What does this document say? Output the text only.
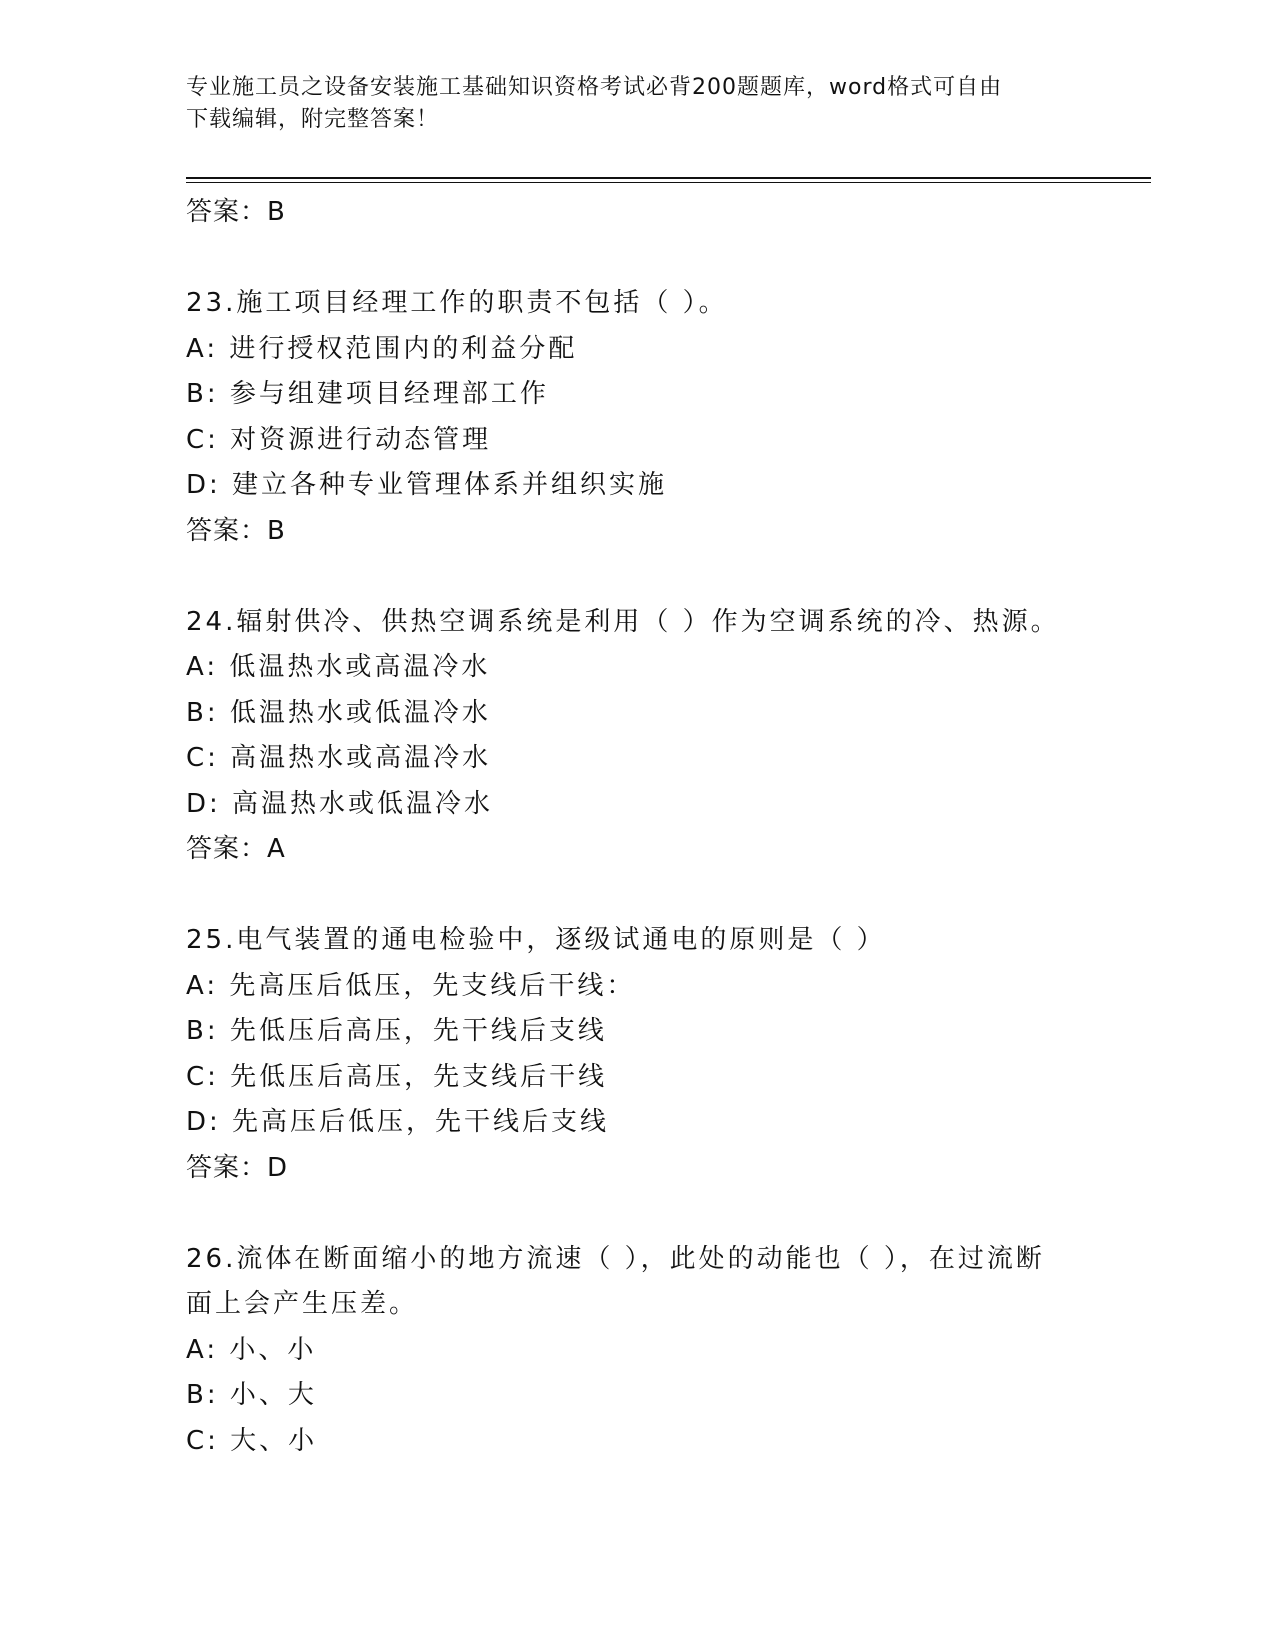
专业施工员之设备安装施工基础知识资格考试必背200题题库，word格式可自由
下载编辑，附完整答案！

答案：B

23.施工项目经理工作的职责不包括（ ）。

A: 进行授权范围内的利益分配

B: 参与组建项目经理部工作

C: 对资源进行动态管理

D: 建立各种专业管理体系并组织实施

答案：B

24.辐射供冷、供热空调系统是利用（ ）作为空调系统的冷、热源。

A: 低温热水或高温冷水

B: 低温热水或低温冷水

C: 高温热水或高温冷水

D: 高温热水或低温冷水

答案：A

25.电气装置的通电检验中，逐级试通电的原则是（ ）

A: 先高压后低压，先支线后干线：

B: 先低压后高压，先干线后支线

C: 先低压后高压，先支线后干线

D: 先高压后低压，先干线后支线

答案：D

26.流体在断面缩小的地方流速（ ），此处的动能也（ ），在过流断

面上会产生压差。

A: 小、小

B: 小、大

C: 大、小
